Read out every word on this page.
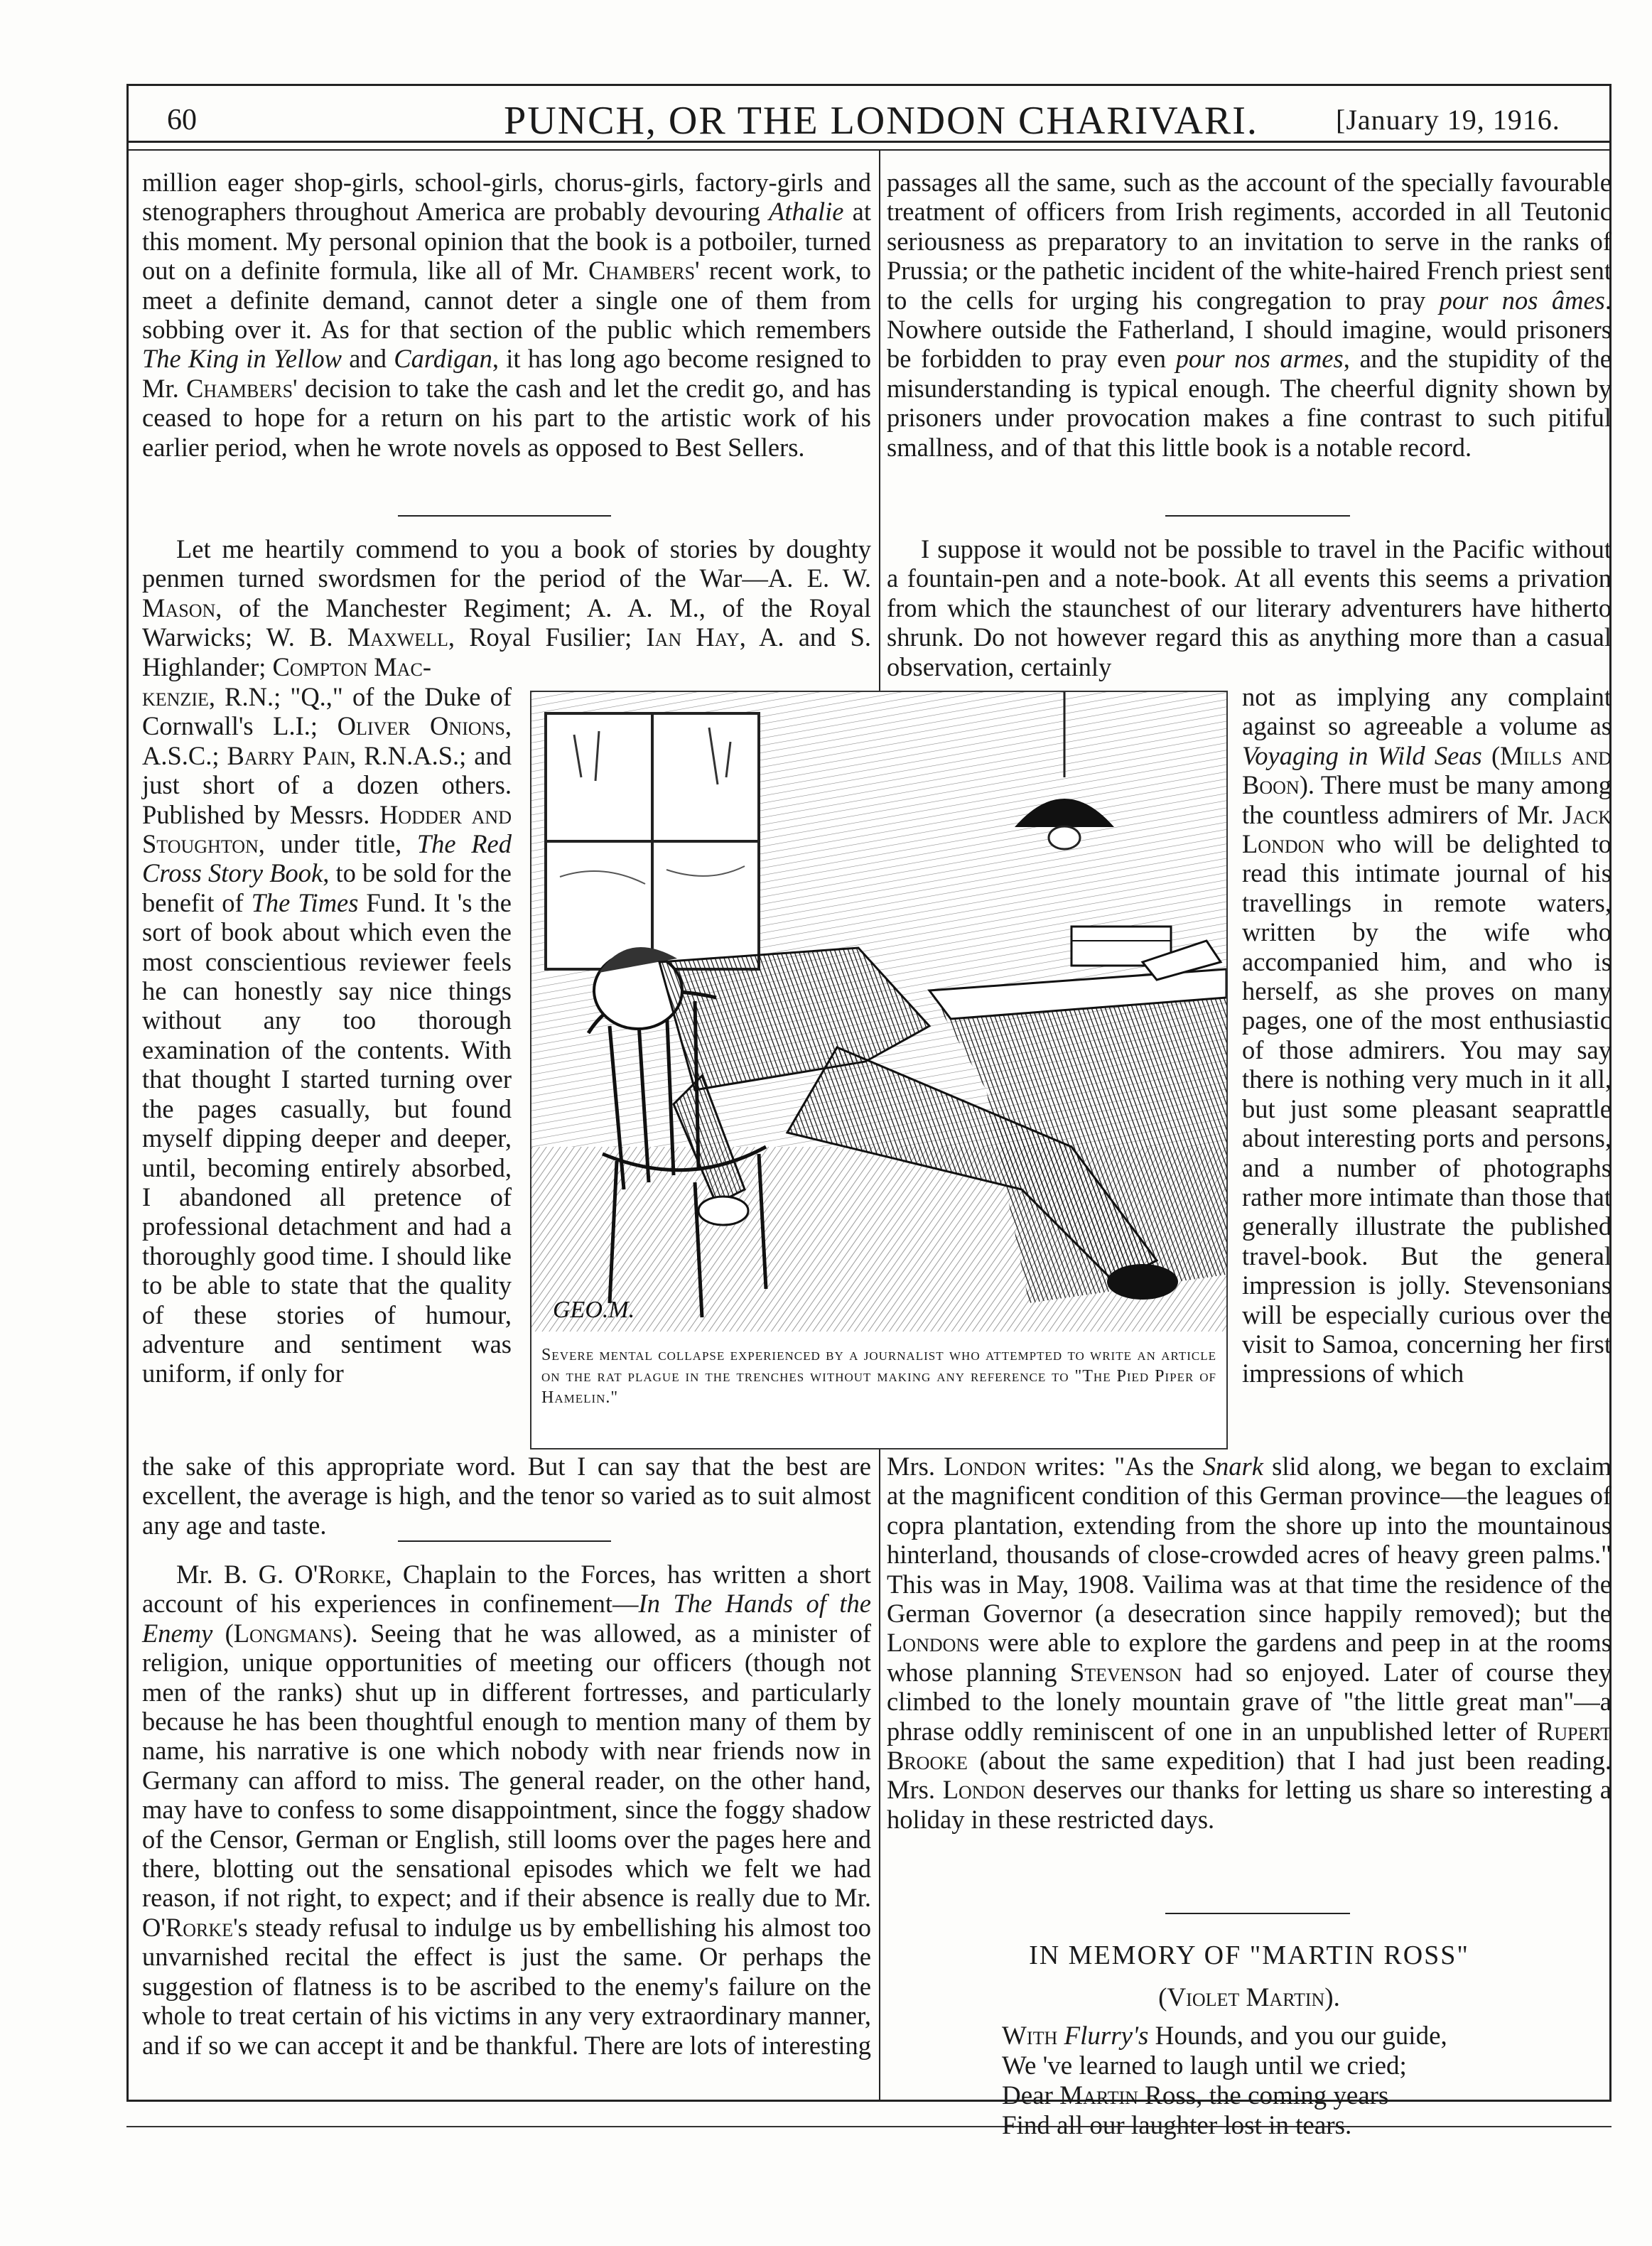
60	PUNCH, OR THE LONDON CHARIVARI.	[January 19, 1916.

million eager shop-girls, school-girls, chorus-girls, factory-girls and stenographers throughout America are probably devouring Athalie at this moment. My personal opinion that the book is a potboiler, turned out on a definite formula, like all of Mr. Chambers' recent work, to meet a definite demand, cannot deter a single one of them from sobbing over it. As for that section of the public which remembers The King in Yellow and Cardigan, it has long ago become resigned to Mr. Chambers' decision to take the cash and let the credit go, and has ceased to hope for a return on his part to the artistic work of his earlier period, when he wrote novels as opposed to Best Sellers.

Let me heartily commend to you a book of stories by doughty penmen turned swordsmen for the period of the War—A. E. W. Mason, of the Manchester Regiment; A. A. M., of the Royal Warwicks; W. B. Maxwell, Royal Fusilier; Ian Hay, A. and S. Highlander; Compton Mac-

kenzie, R.N.; "Q.," of the Duke of Cornwall's L.I.; Oliver Onions, A.S.C.; Barry Pain, R.N.A.S.; and just short of a dozen others. Published by Messrs. Hodder and Stoughton, under title, The Red Cross Story Book, to be sold for the benefit of The Times Fund. It 's the sort of book about which even the most conscientious reviewer feels he can honestly say nice things without any too thorough examination of the contents. With that thought I started turning over the pages casually, but found myself dipping deeper and deeper, until, becoming entirely absorbed, I abandoned all pretence of professional detachment and had a thoroughly good time. I should like to be able to state that the quality of these stories of humour, adventure and sentiment was uniform, if only for

the sake of this appropriate word. But I can say that the best are excellent, the average is high, and the tenor so varied as to suit almost any age and taste.

Mr. B. G. O'Rorke, Chaplain to the Forces, has written a short account of his experiences in confinement—In The Hands of the Enemy (Longmans). Seeing that he was allowed, as a minister of religion, unique opportunities of meeting our officers (though not men of the ranks) shut up in different fortresses, and particularly because he has been thoughtful enough to mention many of them by name, his narrative is one which nobody with near friends now in Germany can afford to miss. The general reader, on the other hand, may have to confess to some disappointment, since the foggy shadow of the Censor, German or English, still looms over the pages here and there, blotting out the sensational episodes which we felt we had reason, if not right, to expect; and if their absence is really due to Mr. O'Rorke's steady refusal to indulge us by embellishing his almost too unvarnished recital the effect is just the same. Or perhaps the suggestion of flatness is to be ascribed to the enemy's failure on the whole to treat certain of his victims in any very extraordinary manner, and if so we can accept it and be thankful. There are lots of interesting

passages all the same, such as the account of the specially favourable treatment of officers from Irish regiments, accorded in all Teutonic seriousness as preparatory to an invitation to serve in the ranks of Prussia; or the pathetic incident of the white-haired French priest sent to the cells for urging his congregation to pray pour nos âmes. Nowhere outside the Fatherland, I should imagine, would prisoners be forbidden to pray even pour nos armes, and the stupidity of the misunderstanding is typical enough. The cheerful dignity shown by prisoners under provocation makes a fine contrast to such pitiful smallness, and of that this little book is a notable record.

I suppose it would not be possible to travel in the Pacific without a fountain-pen and a note-book. At all events this seems a privation from which the staunchest of our literary adventurers have hitherto shrunk. Do not however regard this as anything more than a casual observation, certainly

not as implying any complaint against so agreeable a volume as Voyaging in Wild Seas (Mills and Boon). There must be many among the countless admirers of Mr. Jack London who will be delighted to read this intimate journal of his travellings in remote waters, written by the wife who accompanied him, and who is herself, as she proves on many pages, one of the most enthusiastic of those admirers. You may say there is nothing very much in it all, but just some pleasant seaprattle about interesting ports and persons, and a number of photographs rather more intimate than those that generally illustrate the published travel-book. But the general impression is jolly. Stevensonians will be especially curious over the visit to Samoa, concerning her first impressions of which

Mrs. London writes: "As the Snark slid along, we began to exclaim at the magnificent condition of this German province—the leagues of copra plantation, extending from the shore up into the mountainous hinterland, thousands of close-crowded acres of heavy green palms." This was in May, 1908. Vailima was at that time the residence of the German Governor (a desecration since happily removed); but the Londons were able to explore the gardens and peep in at the rooms whose planning Stevenson had so enjoyed. Later of course they climbed to the lonely mountain grave of "the little great man"—a phrase oddly reminiscent of one in an unpublished letter of Rupert Brooke (about the same expedition) that I had just been reading. Mrs. London deserves our thanks for letting us share so interesting a holiday in these restricted days.

GEO.M.
Severe mental collapse experienced by a journalist who attempted to write an article on the rat plague in the trenches without making any reference to "The Pied Piper of Hamelin."
IN MEMORY OF "MARTIN ROSS"
(Violet Martin).

With Flurry's Hounds, and you our guide,

We 've learned to laugh until we cried;

Dear Martin Ross, the coming years

Find all our laughter lost in tears.
